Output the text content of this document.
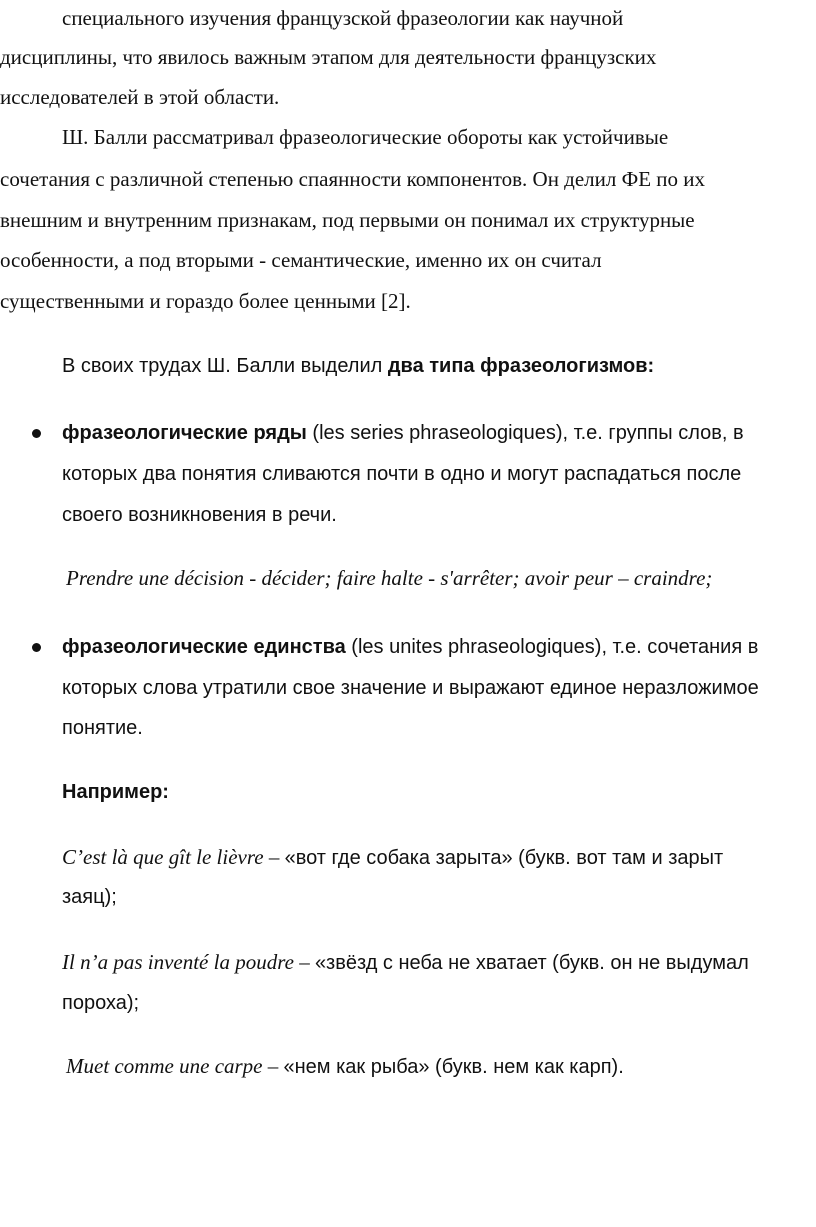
специального изучения французской фразеологии как научной
дисциплины, что явилось важным этапом для деятельности французских
исследователей в этой области.
Ш. Балли рассматривал фразеологические обороты как устойчивые
сочетания с различной степенью спаянности компонентов. Он делил ФЕ по их
внешним и внутренним признакам, под первыми он понимал их структурные
особенности, а под вторыми - семантические, именно их он считал
существенными и гораздо более ценными [2].
В своих трудах Ш. Балли выделил два типа фразеологизмов:
фразеологические ряды (les series phraseologiques), т.е. группы слов, в
которых два понятия сливаются почти в одно и могут распадаться после
своего возникновения в речи.
Prendre une décision - décider; faire halte - s'arrêter; avoir peur – craindre;
фразеологические единства (les unites phraseologiques), т.е. сочетания в
которых слова утратили свое значение и выражают единое неразложимое
понятие.
Например:
C’est là que gît le lièvre – «вот где собака зарыта» (букв. вот там и зарыт
заяц);
Il n’a pas inventé la poudre – «звёзд с неба не хватает (букв. он не выдумал
пороха);
Muet comme une carpe – «нем как рыба» (букв. нем как карп).
